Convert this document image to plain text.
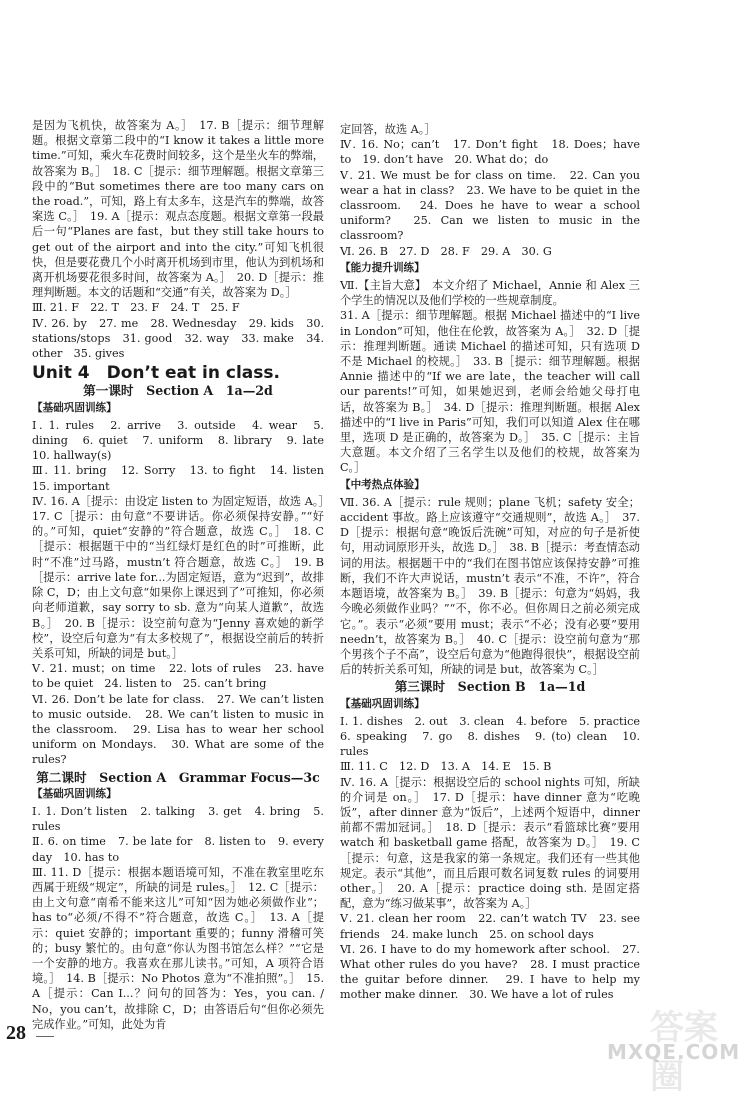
是因为飞机快，故答案为 A。］　17. B［提示：细节理解题。根据文章第二段中的“I know it takes a little more time.”可知，乘火车花费时间较多，这个是坐火车的弊端，故答案为 B。］　18. C［提示：细节理解题。根据文章第三段中的“But sometimes there are too many cars on the road.”，可知，路上有太多车，这是汽车的弊端，故答案选 C。］　19. A［提示：观点态度题。根据文章第一段最后一句“Planes are fast，but they still take hours to get out of the airport and into the city.”可知飞机很快，但是要花费几个小时离开机场到市里，他认为到机场和离开机场要花很多时间，故答案为 A。］　20. D［提示：推理判断题。本文的话题和“交通”有关，故答案为 D。］
Ⅲ. 21. F　22. T　23. F　24. T　25. F
Ⅳ. 26. by　27. me　28. Wednesday　29. kids　30. stations/stops　31. good　32. way　33. make　34. other　35. gives
Unit 4　Don’t eat in class.
第一课时　Section A　1a—2d
【基础巩固训练】
Ⅰ. 1. rules　2. arrive　3. outside　4. wear　5. dining　6. quiet　7. uniform　8. library　9. late　10. hallway(s)
Ⅲ. 11. bring　12. Sorry　13. to fight　14. listen　15. important
Ⅳ. 16. A［提示：由设定 listen to 为固定短语，故选 A。］　17. C［提示：由句意“不要讲话。你必须保持安静。”“好的。”可知，quiet“安静的”符合题意，故选 C。］　18. C［提示：根据题干中的“当红绿灯是红色的时”可推断，此时“不准”过马路，mustn’t 符合题意，故选 C。］　19. B［提示：arrive late for...为固定短语，意为“迟到”，故排除 C，D；由上文句意“如果你上课迟到了”可推知，你必须向老师道歉，say sorry to sb. 意为“向某人道歉”，故选 B。］　20. B［提示：设空前句意为“Jenny 喜欢她的新学校”，设空后句意为“有太多校规了”，根据设空前后的转折关系可知，所缺的词是 but。］
Ⅴ. 21. must；on time　22. lots of rules　23. have to be quiet　24. listen to　25. can’t bring
Ⅵ. 26. Don’t be late for class.　27. We can’t listen to music outside.　28. We can’t listen to music in the classroom.　29. Lisa has to wear her school uniform on Mondays.　30. What are some of the rules?
第二课时　Section A　Grammar Focus—3c
【基础巩固训练】
Ⅰ. 1. Don’t listen　2. talking　3. get　4. bring　5. rules
Ⅱ. 6. on time　7. be late for　8. listen to　9. every day　10. has to
Ⅲ. 11. D［提示：根据本题语境可知，不准在教室里吃东西属于班级“规定”，所缺的词是 rules。］　12. C［提示：由上文句意“南希不能来这儿”可知“因为她必须做作业”；has to“必须/不得不”符合题意，故选 C。］　13. A［提示：quiet 安静的；important 重要的；funny 滑稽可笑的；busy 繁忙的。由句意“你认为图书馆怎么样？”“它是一个安静的地方。我喜欢在那儿读书。”可知，A 项符合语境。］　14. B［提示：No Photos 意为“不准拍照”。］　15. A［提示：Can I...？问句的回答为：Yes，you can. / No，you can’t，故排除 C，D；由答语后句“但你必须先完成作业。”可知，此处为肯
定回答，故选 A。］
Ⅳ. 16. No；can’t　17. Don’t fight　18. Does；have to　19. don’t have　20. What do；do
Ⅴ. 21. We must be for class on time.　22. Can you wear a hat in class?　23. We have to be quiet in the classroom.　24. Does he have to wear a school uniform?　25. Can we listen to music in the classroom?
Ⅵ. 26. B　27. D　28. F　29. A　30. G
【能力提升训练】
Ⅶ.【主旨大意】　本文介绍了 Michael，Annie 和 Alex 三个学生的情况以及他们学校的一些规章制度。
31. A［提示：细节理解题。根据 Michael 描述中的“I live in London”可知，他住在伦敦，故答案为 A。］　32. D［提示：推理判断题。通读 Michael 的描述可知，只有选项 D 不是 Michael 的校规。］　33. B［提示：细节理解题。根据 Annie 描述中的“If we are late，the teacher will call our parents!”可知，如果她迟到，老师会给她父母打电话，故答案为 B。］　34. D［提示：推理判断题。根据 Alex 描述中的“I live in Paris”可知，我们可以知道 Alex 住在哪里，选项 D 是正确的，故答案为 D。］　35. C［提示：主旨大意题。本文介绍了三名学生以及他们的校规，故答案为 C。］
【中考热点体验】
Ⅶ. 36. A［提示：rule 规则；plane 飞机；safety 安全；accident 事故。路上应该遵守“交通规则”，故选 A。］　37. D［提示：根据句意“晚饭后洗碗”可知，对应的句子是祈使句，用动词原形开头，故选 D。］　38. B［提示：考查情态动词的用法。根据题干中的“我们在图书馆应该保持安静”可推断，我们不许大声说话，mustn’t 表示“不准，不许”，符合本题语境，故答案为 B。］　39. B［提示：句意为“妈妈，我今晚必须做作业吗？”“不，你不必。但你周日之前必须完成它。”。表示“必须”要用 must；表示“不必；没有必要”要用 needn’t，故答案为 B。］　40. C［提示：设空前句意为“那个男孩个子不高”，设空后句意为“他跑得很快”，根据设空前后的转折关系可知，所缺的词是 but，故答案为 C。］
第三课时　Section B　1a—1d
【基础巩固训练】
Ⅰ. 1. dishes　2. out　3. clean　4. before　5. practice　6. speaking　7. go　8. dishes　9. (to) clean　10. rules
Ⅲ. 11. C　12. D　13. A　14. E　15. B
Ⅳ. 16. A［提示：根据设空后的 school nights 可知，所缺的介词是 on。］　17. D［提示：have dinner 意为“吃晚饭”，after dinner 意为“饭后”，上述两个短语中，dinner 前都不需加冠词。］　18. D［提示：表示“看篮球比赛”要用 watch 和 basketball game 搭配，故答案为 D。］　19. C［提示：句意，这是我家的第一条规定。我们还有一些其他规定。表示“其他”，而且后跟可数名词复数 rules 的词要用 other。］　20. A［提示：practice doing sth. 是固定搭配，意为“练习做某事”，故答案为 A。］
Ⅴ. 21. clean her room　22. can’t watch TV　23. see friends　24. make lunch　25. on school days
Ⅵ. 26. I have to do my homework after school.　27. What other rules do you have?　28. I must practice the guitar before dinner.　29. I have to help my mother make dinner.　30. We have a lot of rules
28	答案圈
MXQE.COM
